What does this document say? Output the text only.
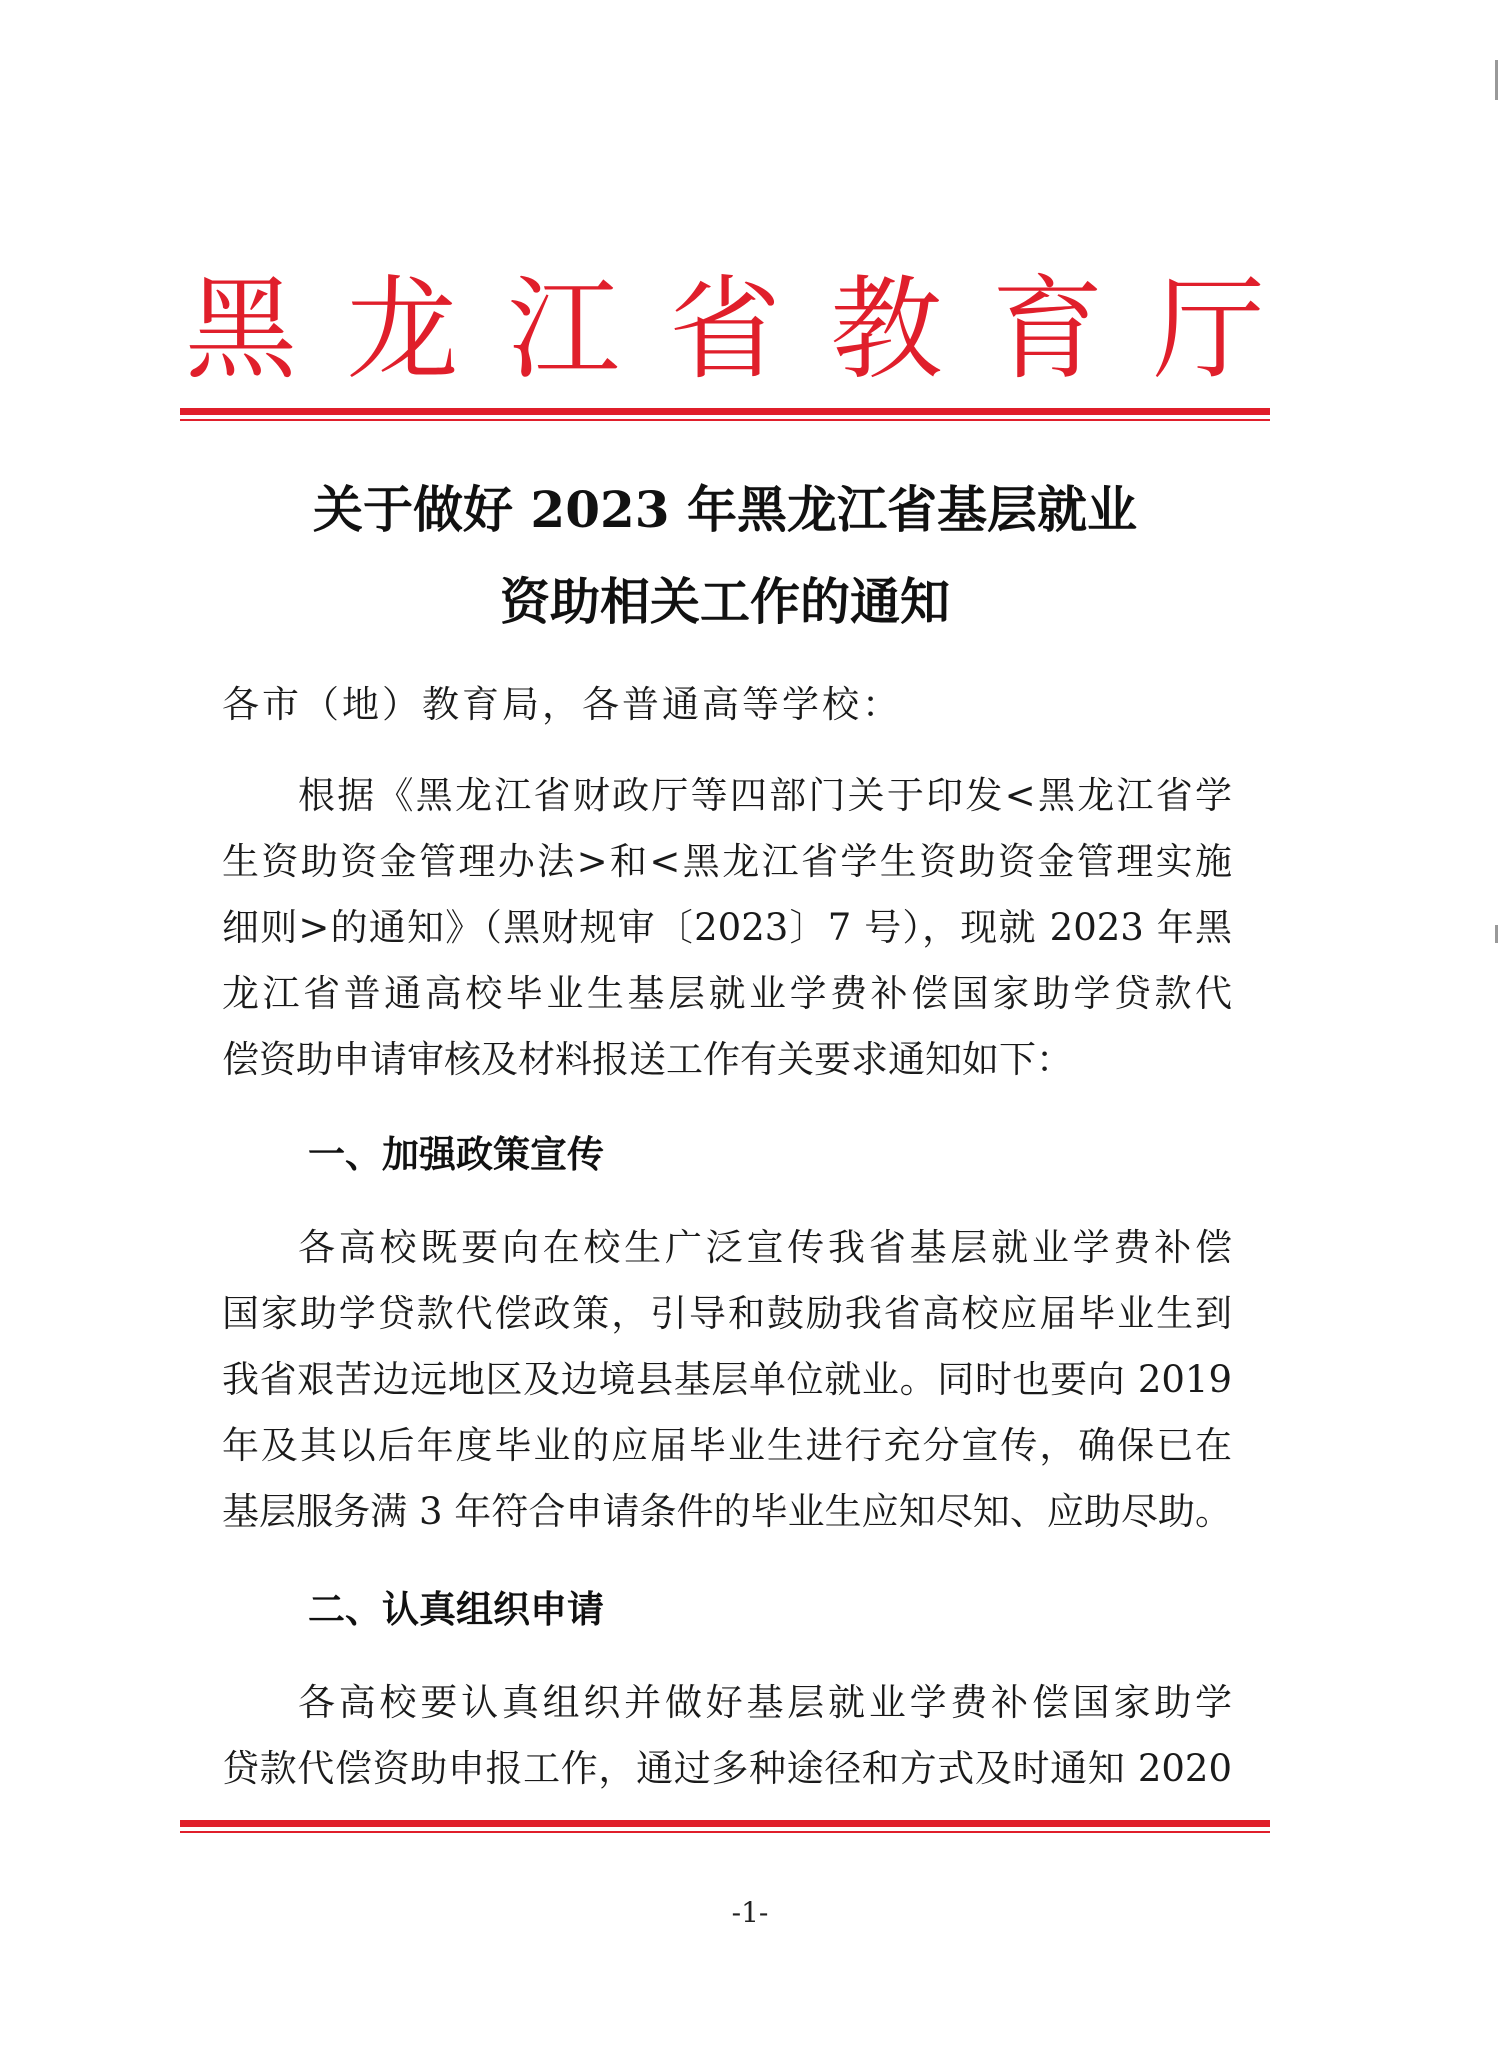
黑 龙 江 省 教 育 厅
关于做好 2023 年黑龙江省基层就业
资助相关工作的通知
各市（地）教育局，各普通高等学校：
根据《黑龙江省财政厅等四部门关于印发<黑龙江省学
生资助资金管理办法>和<黑龙江省学生资助资金管理实施
细则>的通知》（黑财规审〔2023〕7 号），现就 2023 年黑
龙江省普通高校毕业生基层就业学费补偿国家助学贷款代
偿资助申请审核及材料报送工作有关要求通知如下：
一、加强政策宣传
各高校既要向在校生广泛宣传我省基层就业学费补偿
国家助学贷款代偿政策，引导和鼓励我省高校应届毕业生到
我省艰苦边远地区及边境县基层单位就业。同时也要向 2019
年及其以后年度毕业的应届毕业生进行充分宣传，确保已在
基层服务满 3 年符合申请条件的毕业生应知尽知、应助尽助。
二、认真组织申请
各高校要认真组织并做好基层就业学费补偿国家助学
贷款代偿资助申报工作，通过多种途径和方式及时通知 2020
-1-
